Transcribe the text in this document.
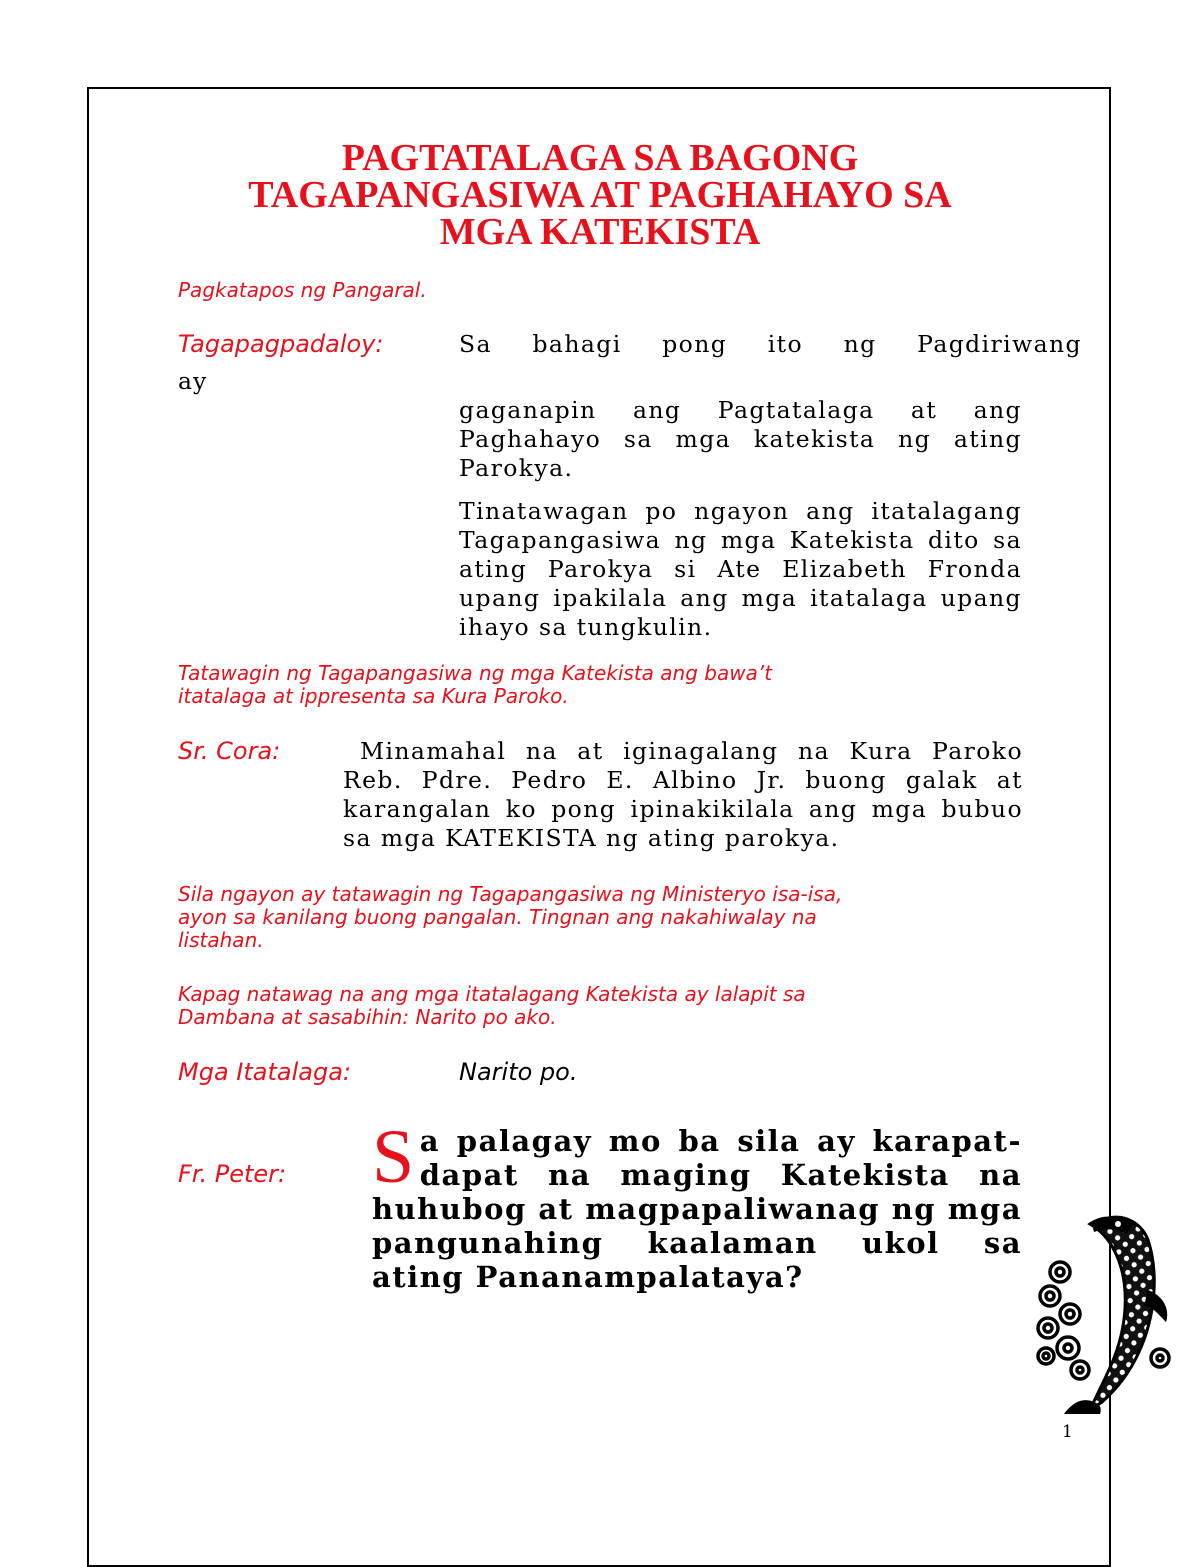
PAGTATALAGA SA BAGONG
TAGAPANGASIWA AT PAGHAHAYO SA
MGA KATEKISTA

Pagkatapos ng Pangaral.

Tagapagpadaloy:	Sa bahagi pong ito ng Pagdiriwang

ay

gaganapin ang Pagtatalaga at ang Paghahayo sa mga katekista ng ating Parokya.

Tinatawagan po ngayon ang itatalagang Tagapangasiwa ng mga Katekista dito sa ating Parokya si Ate Elizabeth Fronda upang ipakilala ang mga itatalaga upang ihayo sa tungkulin.

Tatawagin ng Tagapangasiwa ng mga Katekista ang bawa’t
itatalaga at ippresenta sa Kura Paroko.

Sr. Cora:	Minamahal na at iginagalang na Kura Paroko Reb. Pdre. Pedro E. Albino Jr. buong galak at karangalan ko pong ipinakikilala ang mga bubuo sa mga KATEKISTA ng ating parokya.

Sila ngayon ay tatawagin ng Tagapangasiwa ng Ministeryo isa-isa,
ayon sa kanilang buong pangalan. Tingnan ang nakahiwalay na
listahan.

Kapag natawag na ang mga itatalagang Katekista ay lalapit sa
Dambana at sasabihin: Narito po ako.

Mga Itatalaga:	Narito po.

Fr. Peter: Sa palagay mo ba sila ay karapat-dapat na maging Katekista na huhubog at magpapaliwanag ng mga pangunahing kaalaman ukol sa ating Pananampalataya?

1
